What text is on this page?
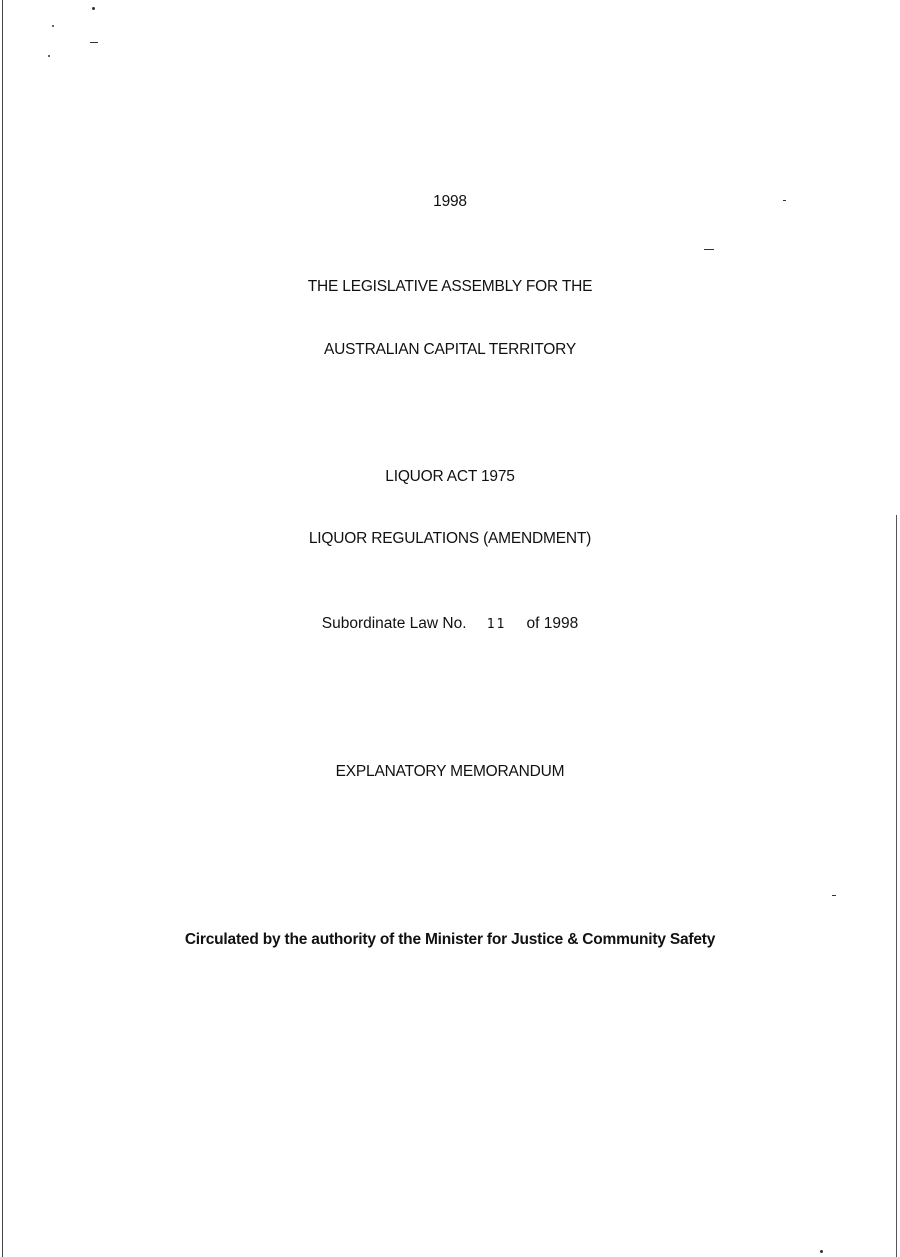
1998
THE LEGISLATIVE ASSEMBLY FOR THE
AUSTRALIAN CAPITAL TERRITORY
LIQUOR ACT 1975
LIQUOR REGULATIONS (AMENDMENT)
Subordinate Law No. 11 of 1998
EXPLANATORY MEMORANDUM
Circulated by the authority of the Minister for Justice & Community Safety
